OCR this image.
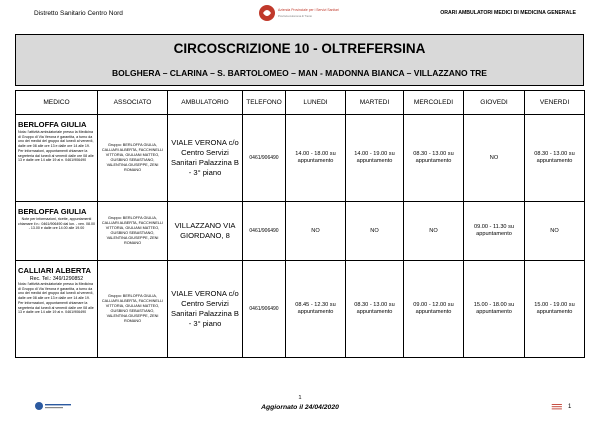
Distretto Sanitario Centro Nord	Azienda Provinciale per i Servizi Sanitari
Provincia Autonoma di Trento
ORARI AMBULATORI MEDICI DI MEDICINA GENERALE
CIRCOSCRIZIONE 10 - OLTREFERSINA
BOLGHERA – CLARINA – S. BARTOLOMEO – MAN - MADONNA BIANCA – VILLAZZANO TRE
MEDICO	ASSOCIATO	AMBULATORIO	TELEFONO	LUNEDI	MARTEDI	MERCOLEDI	GIOVEDI	VENERDI

BERLOFFA GIULIA
Nota: l'attività ambulatoriale presso la Medicina di Gruppo di Via Verona è garantita, a turno da uno dei medici del gruppo dal lunedì al venerdì, dalle ore 08 alle ore 13 e dalle ore 14 alle 19. Per informazioni, appuntamenti chiamare la segreteria dal lunedì al venerdì dalle ore 08 alle 13 e dalle ore 14 alle 19 al n. 0461/906490	Gruppo: BERLOFFA GIULIA, CALLIARI ALBERTA, FACCHINELLI VITTORIA, GIULIANI MATTEO, GUSBINO SEBASTIANO, VALENTINA GIUSEPPE, ZENI ROMANO	VIALE VERONA c/o Centro Servizi Sanitari Palazzina B - 3° piano	0461/906490	14.00 - 18.00 su appuntamento	14.00 - 19.00 su appuntamento	08.30 - 13.00 su appuntamento	NO	08.30 - 13.00 su appuntamento

BERLOFFA GIULIA
Note per informazioni, ricette, appuntamenti chiamare il n.: 0461/906490 dal lun. - ven. 08.00 - 13.00 e dalle ore 14.00 alle 19.00	Gruppo: BERLOFFA GIULIA, CALLIARI ALBERTA, FACCHINELLI VITTORIA, GIULIANI MATTEO, GUSBINO SEBASTIANO, VALENTINA GIUSEPPE, ZENI ROMANO	VILLAZZANO VIA GIORDANO, 8	0461/906490	NO	NO	NO	09.00 - 11.30 su appuntamento	NO

CALLIARI ALBERTA
Rec. Tel.: 349/1290852
Nota: l'attività ambulatoriale presso la Medicina di Gruppo di Via Verona è garantita, a turno da uno dei medici del gruppo dal lunedì al venerdì, dalle ore 08 alle ore 13 e dalle ore 14 alle 19. Per informazioni, appuntamenti chiamare la segreteria dal lunedì al venerdì dalle ore 08 alle 13 e dalle ore 14 alle 19 al n. 0461/906490	Gruppo: BERLOFFA GIULIA, CALLIARI ALBERTA, FACCHINELLI VITTORIA, GIULIANI MATTEO, GUSBINO SEBASTIANO, VALENTINA GIUSEPPE, ZENI ROMANO	VIALE VERONA c/o Centro Servizi Sanitari Palazzina B - 3° piano	0461/906490	08.45 - 12.30 su appuntamento	08.30 - 13.00 su appuntamento	09.00 - 12.00 su appuntamento	15.00 - 18.00 su appuntamento	15.00 - 19.00 su appuntamento
1
Aggiornato il 24/04/2020	1
